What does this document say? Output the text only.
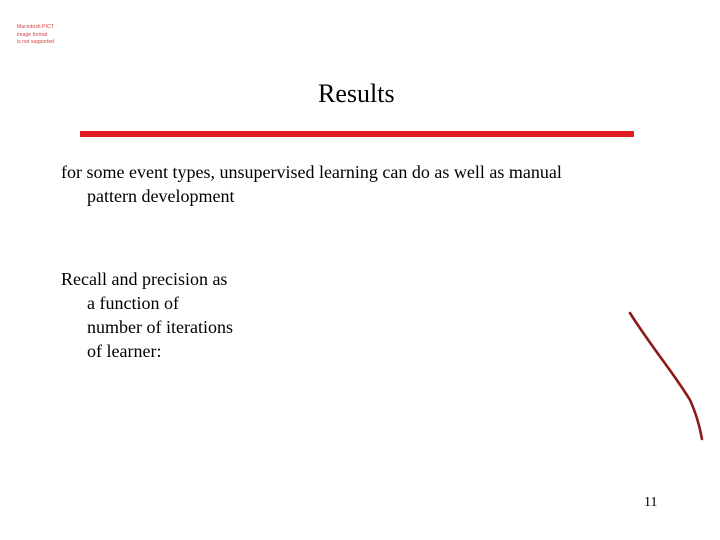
Macintosh PICT
image format
is not supported
Results
for some event types, unsupervised learning can do as well as manual
pattern development
Recall and precision as
a function of
number of iterations
of learner:
11
